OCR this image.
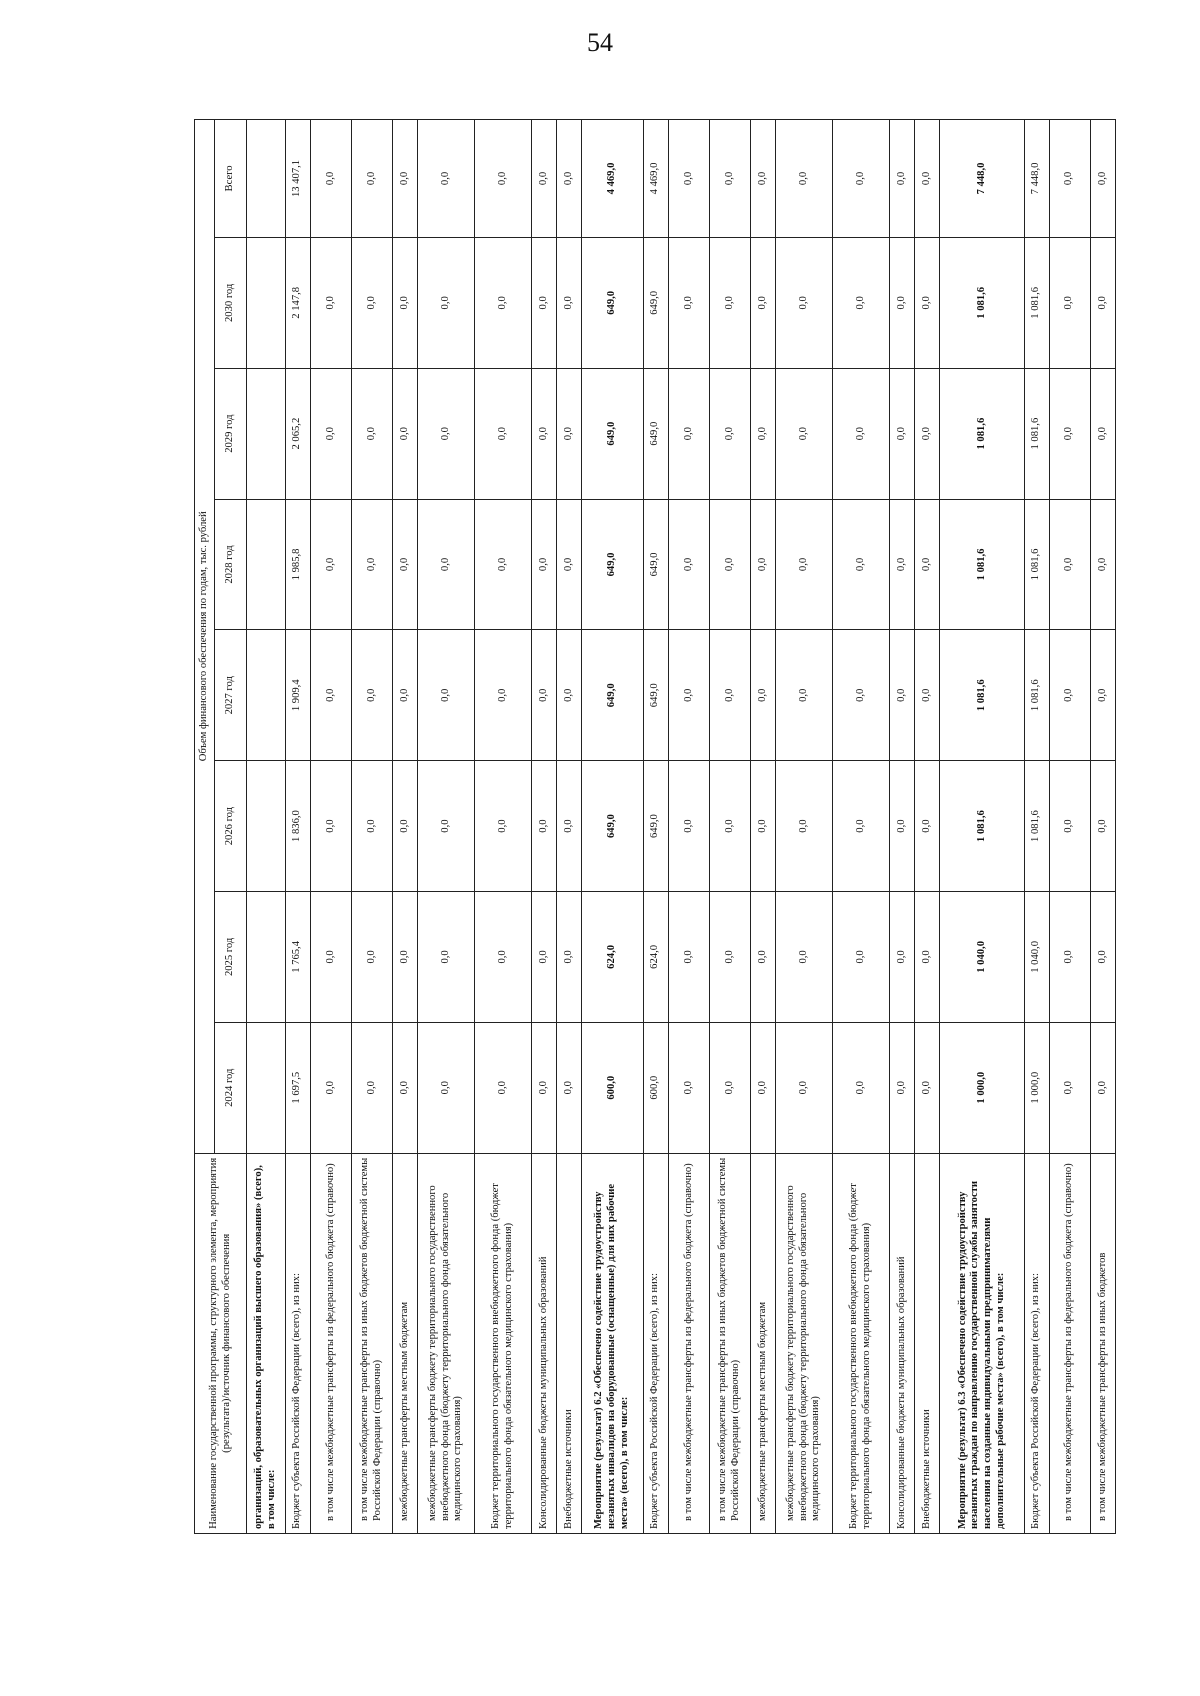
54
Наименование государственной программы, структурного элемента, мероприятия (результата)/источник финансового обеспечения	Объем финансового обеспечения по годам, тыс. рублей							
	2024 год	2025 год	2026 год	2027 год	2028 год	2029 год	2030 год	Всего
организаций, образовательных организаций высшего образования» (всего), в том числе:								
Бюджет субъекта Российской Федерации (всего), из них:	1 697,5	1 765,4	1 836,0	1 909,4	1 985,8	2 065,2	2 147,8	13 407,1
в том числе межбюджетные трансферты из федерального бюджета (справочно)	0,0	0,0	0,0	0,0	0,0	0,0	0,0	0,0
в том числе межбюджетные трансферты из иных бюджетов бюджетной системы Российской Федерации (справочно)	0,0	0,0	0,0	0,0	0,0	0,0	0,0	0,0
межбюджетные трансферты местным бюджетам	0,0	0,0	0,0	0,0	0,0	0,0	0,0	0,0
межбюджетные трансферты бюджету территориального государственного внебюджетного фонда (бюджету территориального фонда обязательного медицинского страхования)	0,0	0,0	0,0	0,0	0,0	0,0	0,0	0,0
Бюджет территориального государственного внебюджетного фонда (бюджет территориального фонда обязательного медицинского страхования)	0,0	0,0	0,0	0,0	0,0	0,0	0,0	0,0
Консолидированные бюджеты муниципальных образований	0,0	0,0	0,0	0,0	0,0	0,0	0,0	0,0
Внебюджетные источники	0,0	0,0	0,0	0,0	0,0	0,0	0,0	0,0
Мероприятие (результат) 6.2 «Обеспечено содействие трудоустройству незанятых инвалидов на оборудованные (оснащенные) для них рабочие места» (всего), в том числе:	600,0	624,0	649,0	649,0	649,0	649,0	649,0	4 469,0
Бюджет субъекта Российской Федерации (всего), из них:	600,0	624,0	649,0	649,0	649,0	649,0	649,0	4 469,0
в том числе межбюджетные трансферты из федерального бюджета (справочно)	0,0	0,0	0,0	0,0	0,0	0,0	0,0	0,0
в том числе межбюджетные трансферты из иных бюджетов бюджетной системы Российской Федерации (справочно)	0,0	0,0	0,0	0,0	0,0	0,0	0,0	0,0
межбюджетные трансферты местным бюджетам	0,0	0,0	0,0	0,0	0,0	0,0	0,0	0,0
межбюджетные трансферты бюджету территориального государственного внебюджетного фонда (бюджету территориального фонда обязательного медицинского страхования)	0,0	0,0	0,0	0,0	0,0	0,0	0,0	0,0
Бюджет территориального государственного внебюджетного фонда (бюджет территориального фонда обязательного медицинского страхования)	0,0	0,0	0,0	0,0	0,0	0,0	0,0	0,0
Консолидированные бюджеты муниципальных образований	0,0	0,0	0,0	0,0	0,0	0,0	0,0	0,0
Внебюджетные источники	0,0	0,0	0,0	0,0	0,0	0,0	0,0	0,0
Мероприятие (результат) 6.3 «Обеспечено содействие трудоустройству незанятых граждан по направлению государственной службы занятости населения на созданные индивидуальными предпринимателями дополнительные рабочие места» (всего), в том числе:	1 000,0	1 040,0	1 081,6	1 081,6	1 081,6	1 081,6	1 081,6	7 448,0
Бюджет субъекта Российской Федерации (всего), из них:	1 000,0	1 040,0	1 081,6	1 081,6	1 081,6	1 081,6	1 081,6	7 448,0
в том числе межбюджетные трансферты из федерального бюджета (справочно)	0,0	0,0	0,0	0,0	0,0	0,0	0,0	0,0
в том числе межбюджетные трансферты из иных бюджетов	0,0	0,0	0,0	0,0	0,0	0,0	0,0	0,0
